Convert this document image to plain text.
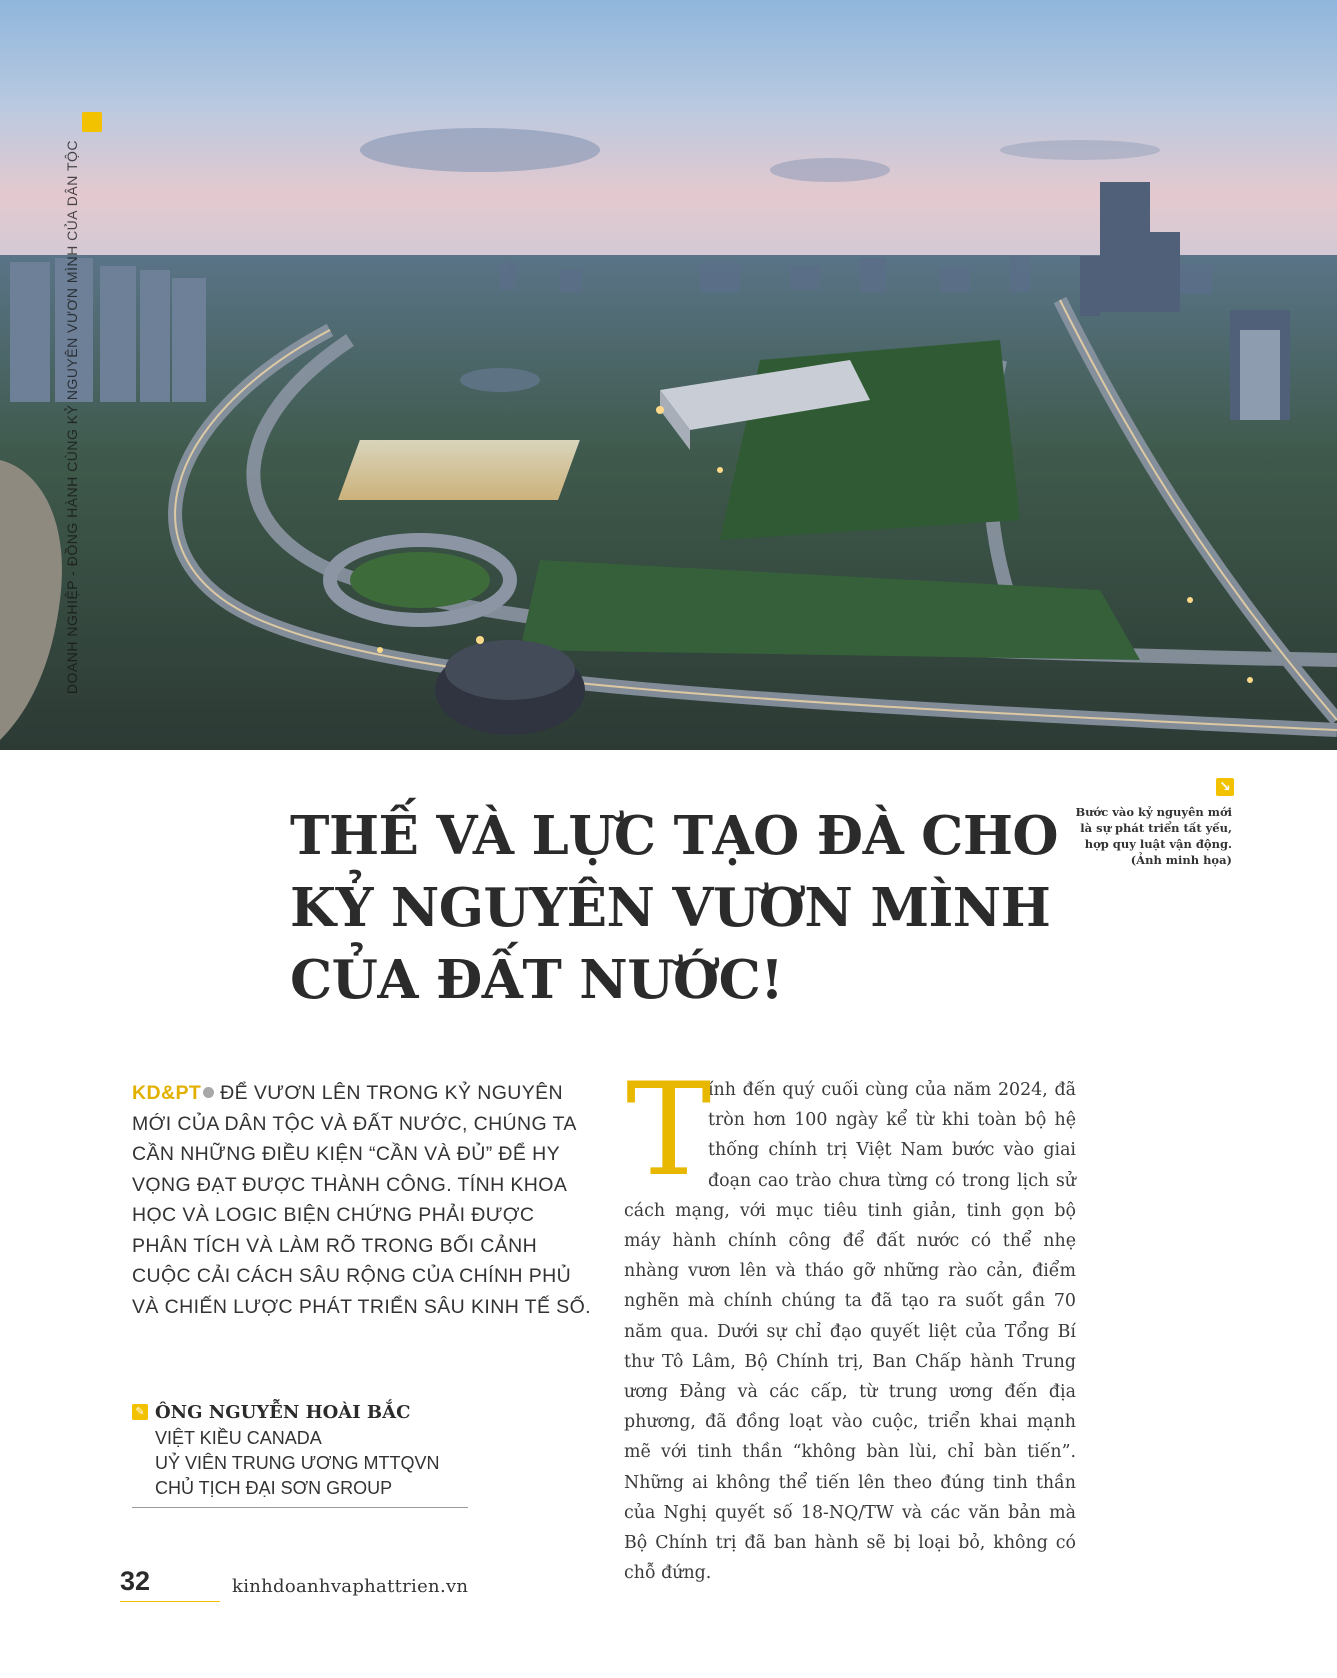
DOANH NGHIỆP - ĐỒNG HÀNH CÙNG KỶ NGUYÊN VƯƠN MÌNH CỦA DÂN TỘC
↘
Bước vào kỷ nguyên mới là sự phát triển tất yếu, hợp quy luật vận động. (Ảnh minh họa)
THẾ VÀ LỰC TẠO ĐÀ CHO
KỶ NGUYÊN VƯƠN MÌNH
CỦA ĐẤT NƯỚC!
KD&PT ĐỂ VƯƠN LÊN TRONG KỶ NGUYÊN MỚI CỦA DÂN TỘC VÀ ĐẤT NƯỚC, CHÚNG TA CẦN NHỮNG ĐIỀU KIỆN “CẦN VÀ ĐỦ” ĐỂ HY VỌNG ĐẠT ĐƯỢC THÀNH CÔNG. TÍNH KHOA HỌC VÀ LOGIC BIỆN CHỨNG PHẢI ĐƯỢC PHÂN TÍCH VÀ LÀM RÕ TRONG BỐI CẢNH CUỘC CẢI CÁCH SÂU RỘNG CỦA CHÍNH PHỦ VÀ CHIẾN LƯỢC PHÁT TRIỂN SÂU KINH TẾ SỐ.
✎ ÔNG NGUYỄN HOÀI BẮC
VIỆT KIỀU CANADA
UỶ VIÊN TRUNG ƯƠNG MTTQVN
CHỦ TỊCH ĐẠI SƠN GROUP

T
ính đến quý cuối cùng của năm 2024, đã tròn hơn 100 ngày kể từ khi toàn bộ hệ thống chính trị Việt Nam bước vào giai đoạn cao trào chưa từng có trong lịch sử cách mạng, với mục tiêu tinh giản, tinh gọn bộ máy hành chính công để đất nước có thể nhẹ nhàng vươn lên và tháo gỡ những rào cản, điểm nghẽn mà chính chúng ta đã tạo ra suốt gần 70 năm qua. Dưới sự chỉ đạo quyết liệt của Tổng Bí thư Tô Lâm, Bộ Chính trị, Ban Chấp hành Trung ương Đảng và các cấp, từ trung ương đến địa phương, đã đồng loạt vào cuộc, triển khai mạnh mẽ với tinh thần “không bàn lùi, chỉ bàn tiến”. Những ai không thể tiến lên theo đúng tinh thần của Nghị quyết số 18-NQ/TW và các văn bản mà Bộ Chính trị đã ban hành sẽ bị loại bỏ, không có chỗ đứng.

32	kinhdoanhvaphattrien.vn
